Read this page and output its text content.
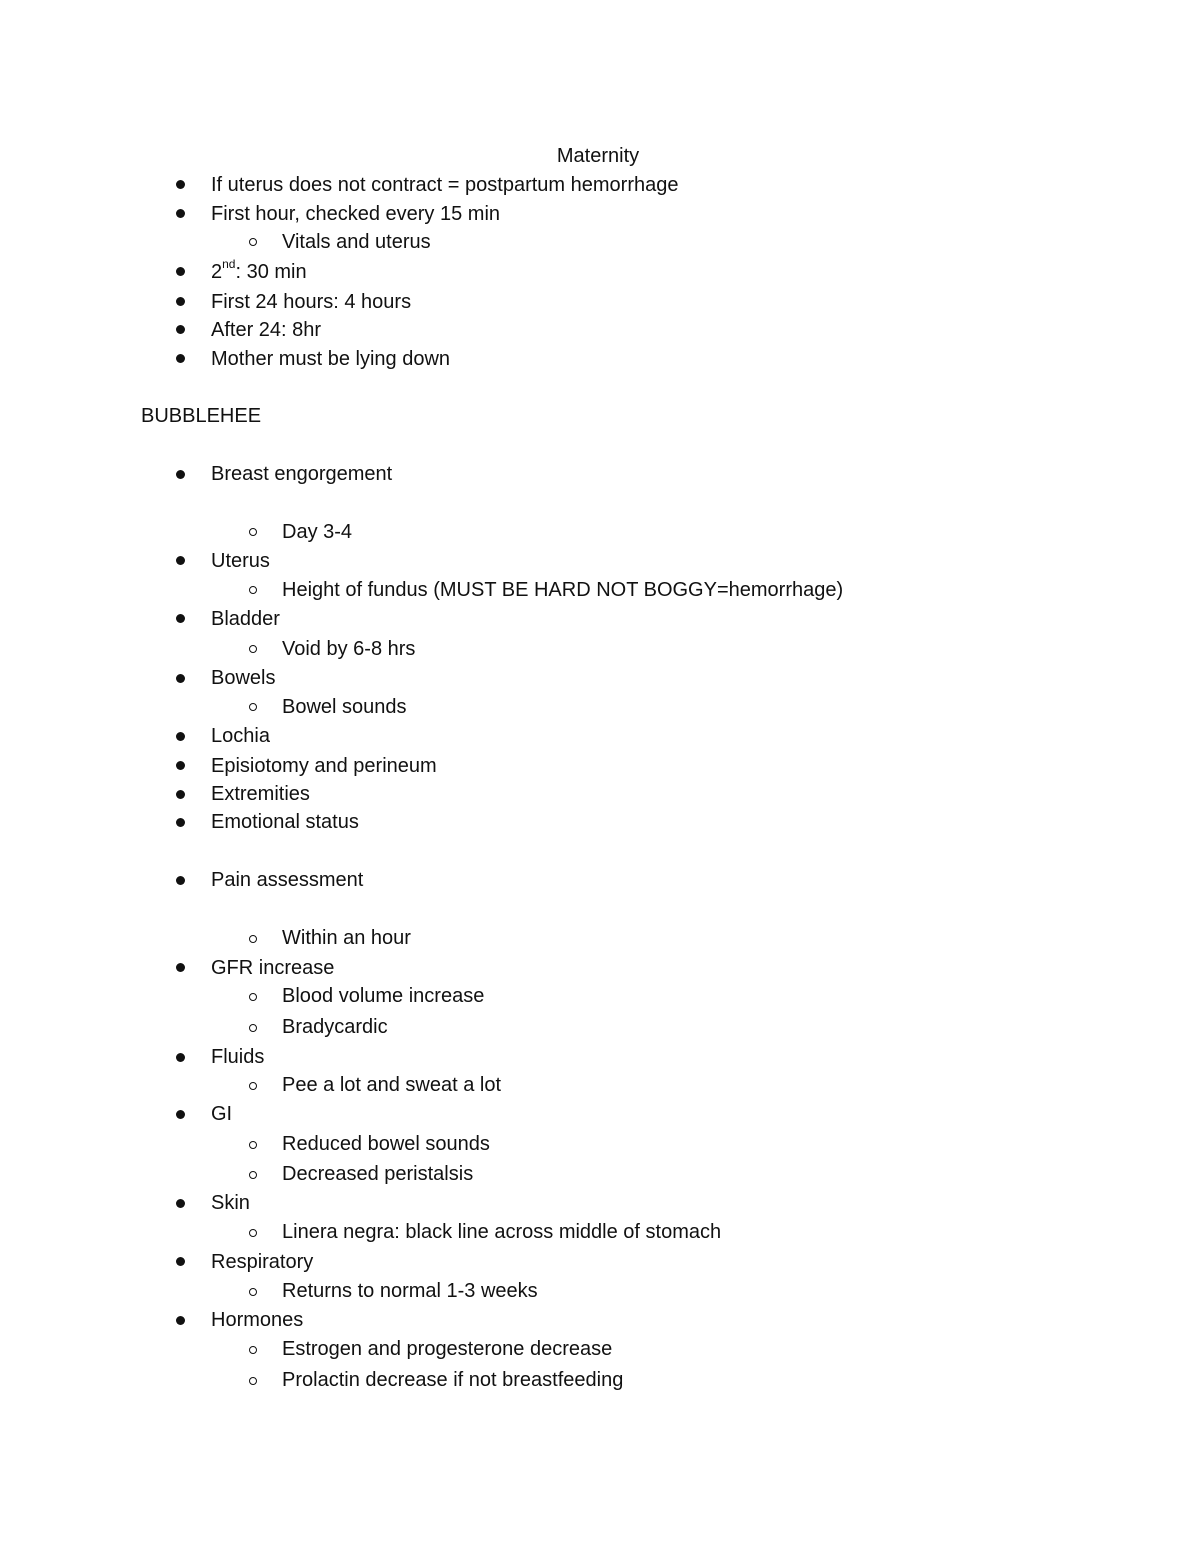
Maternity
If uterus does not contract = postpartum hemorrhage
First hour, checked every 15 min
Vitals and uterus
2nd: 30 min
First 24 hours: 4 hours
After 24: 8hr
Mother must be lying down
BUBBLEHEE
Breast engorgement
Day 3-4
Uterus
Height of fundus (MUST BE HARD NOT BOGGY=hemorrhage)
Bladder
Void by 6-8 hrs
Bowels
Bowel sounds
Lochia
Episiotomy and perineum
Extremities
Emotional status
Pain assessment
Within an hour
GFR increase
Blood volume increase
Bradycardic
Fluids
Pee a lot and sweat a lot
GI
Reduced bowel sounds
Decreased peristalsis
Skin
Linera negra: black line across middle of stomach
Respiratory
Returns to normal 1-3 weeks
Hormones
Estrogen and progesterone decrease
Prolactin decrease if not breastfeeding
